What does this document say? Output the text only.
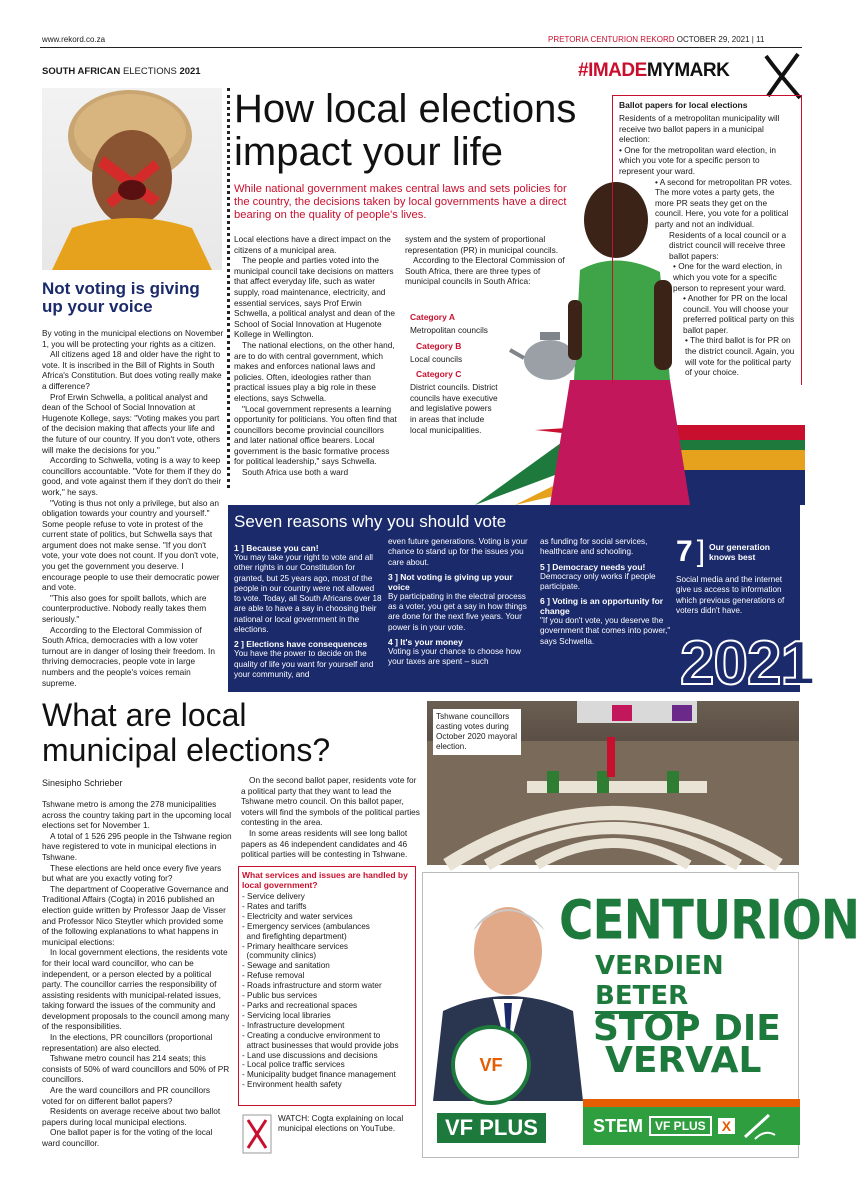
www.rekord.co.za	PRETORIA CENTURION REKORD OCTOBER 29, 2021 | 11
SOUTH AFRICAN ELECTIONS 2021	#IMADEMYMARK
Not voting is giving up your voice

By voting in the municipal elections on November 1, you will be protecting your rights as a citizen.

All citizens aged 18 and older have the right to vote. It is inscribed in the Bill of Rights in South Africa's Constitution. But does voting really make a difference?

Prof Erwin Schwella, a political analyst and dean of the School of Social Innovation at Hugenote Kollege, says: "Voting makes you part of the decision making that affects your life and the future of our country. If you don't vote, others will make the decisions for you."

According to Schwella, voting is a way to keep councillors accountable. "Vote for them if they do good, and vote against them if they don't do their work," he says.

"Voting is thus not only a privilege, but also an obligation towards your country and yourself." Some people refuse to vote in protest of the current state of politics, but Schwella says that argument does not make sense. "If you don't vote, your vote does not count. If you don't vote, you get the government you deserve. I encourage people to use their democratic power and vote.

"This also goes for spoilt ballots, which are counterproductive. Nobody really takes them seriously."

According to the Electoral Commission of South Africa, democracies with a low voter turnout are in danger of losing their freedom. In thriving democracies, people vote in large numbers and the people's voices remain supreme.

How local elections impact your life
While national government makes central laws and sets policies for the country, the decisions taken by local governments have a direct bearing on the quality of people's lives.

Local elections have a direct impact on the citizens of a municipal area.

The people and parties voted into the municipal council take decisions on matters that affect everyday life, such as water supply, road maintenance, electricity, and essential services, says Prof Erwin Schwella, a political analyst and dean of the School of Social Innovation at Hugenote Kollege in Wellington.

The national elections, on the other hand, are to do with central government, which makes and enforces national laws and policies. Often, ideologies rather than practical issues play a big role in these elections, says Schwella.

"Local government represents a learning opportunity for politicians. You often find that councillors become provincial councillors and later national office bearers. Local government is the basic formative process for political leadership," says Schwella.

South Africa use both a ward

system and the system of proportional representation (PR) in municipal councils.

According to the Electoral Commission of South Africa, there are three types of municipal councils in South Africa:

Category A

Metropolitan councils

Category B

Local councils

Category C

District councils. District councils have executive and legislative powers in areas that include local municipalities.

Ballot papers for local elections

Residents of a metropolitan municipality will receive two ballot papers in a municipal election:

• One for the metropolitan ward election, in which you vote for a specific person to represent your ward.

• A second for metropolitan PR votes. The more votes a party gets, the more PR seats they get on the council. Here, you vote for a political party and not an individual.

Residents of a local council or a district council will receive three ballot papers:

• One for the ward election, in which you vote for a specific person to represent your ward.

• Another for PR on the local council. You will choose your preferred political party on this ballot paper.

• The third ballot is for PR on the district council. Again, you will vote for the political party of your choice.

Seven reasons why you should vote
1 ] Because you can!

You may take your right to vote and all other rights in our Constitution for granted, but 25 years ago, most of the people in our country were not allowed to vote. Today, all South Africans over 18 are able to have a say in choosing their national or local government in the elections.

2 ] Elections have consequences

You have the power to decide on the quality of life you want for yourself and your community, and

even future generations. Voting is your chance to stand up for the issues you care about.

3 ] Not voting is giving up your voice

By participating in the electral process as a voter, you get a say in how things are done for the next five years. Your power is in your vote.

4 ] It's your money

Voting is your chance to choose how your taxes are spent – such

as funding for social services, healthcare and schooling.

5 ] Democracy needs you!

Democracy only works if people participate.

6 ] Voting is an opportunity for change

"If you don't vote, you deserve the government that comes into power," says Schwella.

7 ] Our generation knows best

Social media and the internet give us access to information which previous generations of voters didn't have.

2021
What are local municipal elections?
Sinesipho Schrieber

Tshwane metro is among the 278 municipalities across the country taking part in the upcoming local elections set for November 1.

A total of 1 526 295 people in the Tshwane region have registered to vote in municipal elections in Tshwane.

These elections are held once every five years but what are you exactly voting for?

The department of Cooperative Governance and Traditional Affairs (Cogta) in 2016 published an election guide written by Professor Jaap de Visser and Professor Nico Steytler which provided some of the following explanations to what happens in municipal elections:

In local government elections, the residents vote for their local ward councillor, who can be independent, or a person elected by a political party. The councillor carries the responsibility of assisting residents with municipal-related issues, taking forward the issues of the community and development proposals to the council among many of the responsibilities.

In the elections, PR councillors (proportional representation) are also elected.

Tshwane metro council has 214 seats; this consists of 50% of ward councillors and 50% of PR councillors.

Are the ward councillors and PR councillors voted for on different ballot papers?

Residents on average receive about two ballot papers during local municipal elections.

One ballot paper is for the voting of the local ward councillor.

On the second ballot paper, residents vote for a political party that they want to lead the Tshwane metro council. On this ballot paper, voters will find the symbols of the political parties contesting in the area.

In some areas residents will see long ballot papers as 46 independent candidates and 46 political parties will be contesting in Tshwane.

What services and issues are handled by local government?
- Service delivery
- Rates and tariffs
- Electricity and water services
- Emergency services (ambulances
and firefighting department)
- Primary healthcare services
(community clinics)
- Sewage and sanitation
- Refuse removal
- Roads infrastructure and storm water
- Public bus services
- Parks and recreational spaces
- Servicing local libraries
- Infrastructure development
- Creating a conducive environment to
attract businesses that would provide jobs
- Land use discussions and decisions
- Local police traffic services
- Municipality budget finance management
- Environment health safety

WATCH: Cogta explaining on local municipal elections on YouTube.

Tshwane councillors casting votes during October 2020 mayoral election.
CENTURION
VERDIEN BETER
STOP DIE
VERVAL
VF
VF PLUS	STEM	VF PLUS	X
